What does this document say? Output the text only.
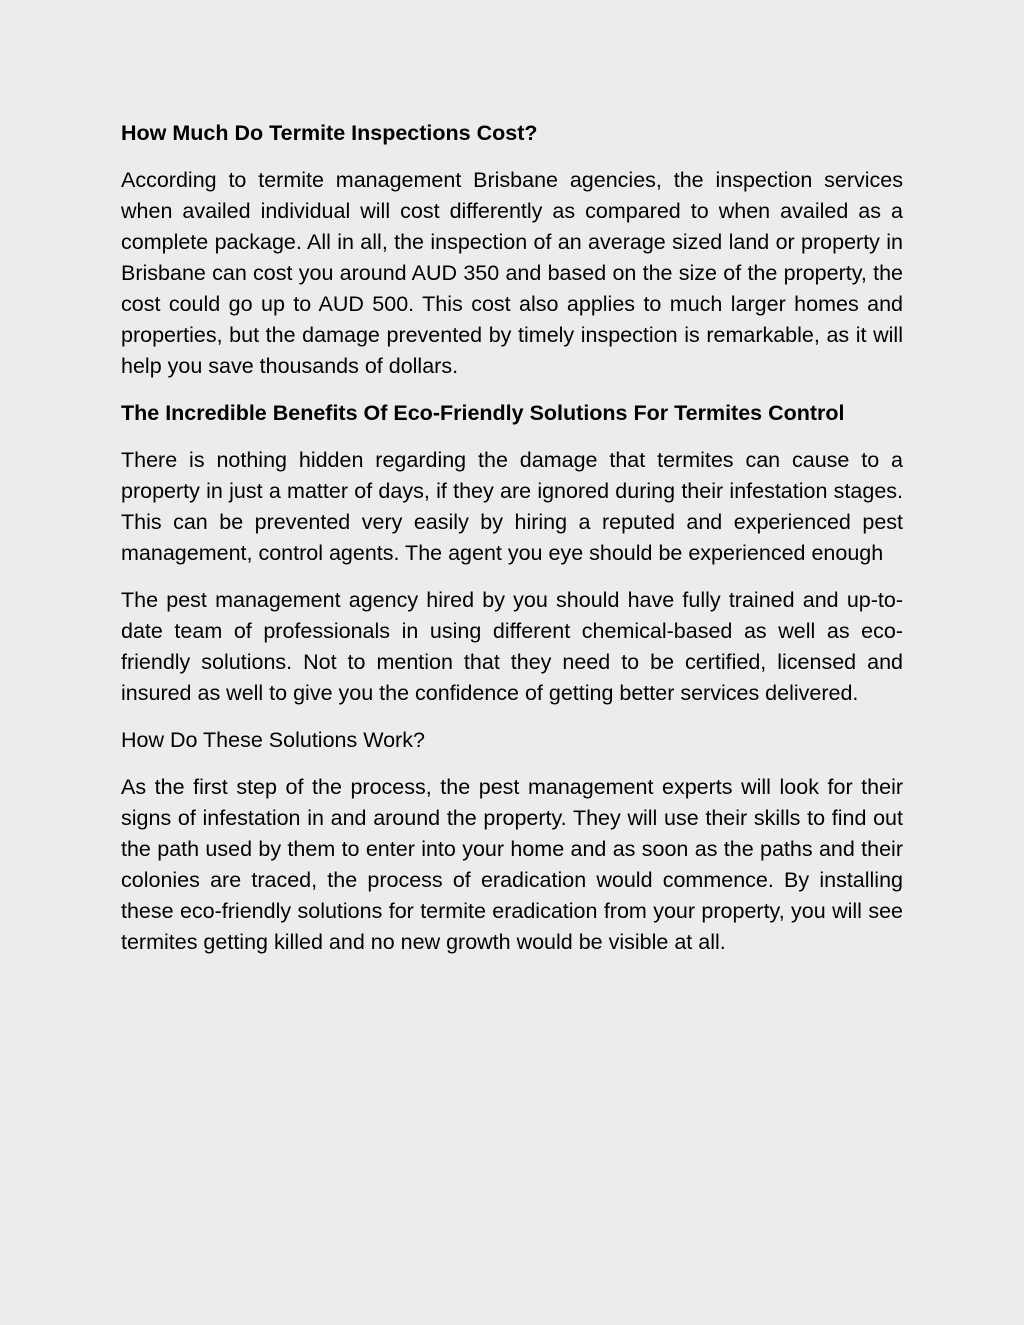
How Much Do Termite Inspections Cost?
According to termite management Brisbane agencies, the inspection services when availed individual will cost differently as compared to when availed as a complete package. All in all, the inspection of an average sized land or property in Brisbane can cost you around AUD 350 and based on the size of the property, the cost could go up to AUD 500. This cost also applies to much larger homes and properties, but the damage prevented by timely inspection is remarkable, as it will help you save thousands of dollars.
The Incredible Benefits Of Eco-Friendly Solutions For Termites Control
There is nothing hidden regarding the damage that termites can cause to a property in just a matter of days, if they are ignored during their infestation stages. This can be prevented very easily by hiring a reputed and experienced pest management, control agents. The agent you eye should be experienced enough
The pest management agency hired by you should have fully trained and up-to-date team of professionals in using different chemical-based as well as eco-friendly solutions. Not to mention that they need to be certified, licensed and insured as well to give you the confidence of getting better services delivered.
How Do These Solutions Work?
As the first step of the process, the pest management experts will look for their signs of infestation in and around the property. They will use their skills to find out the path used by them to enter into your home and as soon as the paths and their colonies are traced, the process of eradication would commence. By installing these eco-friendly solutions for termite eradication from your property, you will see termites getting killed and no new growth would be visible at all.
